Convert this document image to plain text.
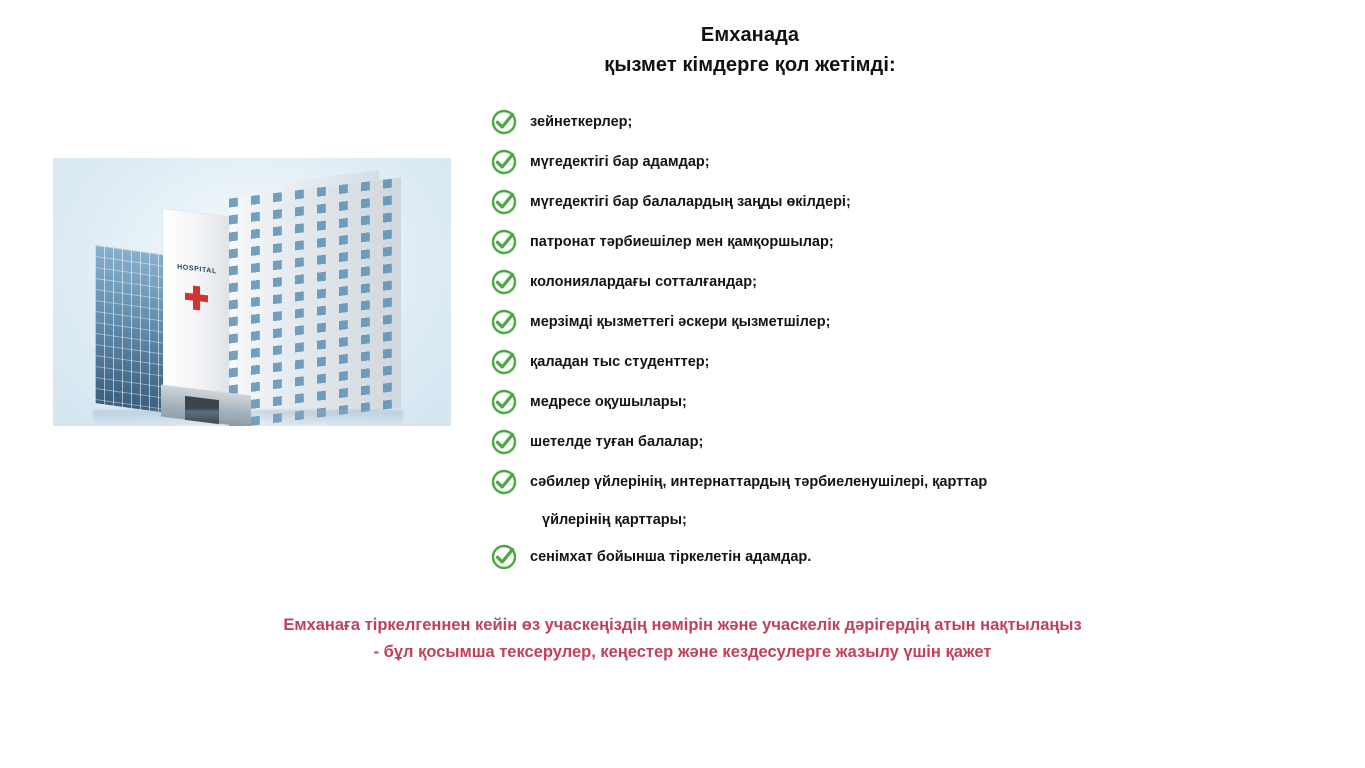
Емханада
қызмет кімдерге қол жетімді:
HOSPITAL
зейнеткерлер;
мүгедектігі бар адамдар;
мүгедектігі бар балалардың заңды өкілдері;
патронат тәрбиешілер мен қамқоршылар;
колониялардағы сотталғандар;
мерзімді қызметтегі әскери қызметшілер;
қаладан тыс студенттер;
медресе оқушылары;
шетелде туған балалар;
сәбилер үйлерінің, интернаттардың тәрбиеленушілері, қарттар
үйлерінің қарттары;
сенімхат бойынша тіркелетін адамдар.
Емханаға тіркелгеннен кейін өз учаскеңіздің нөмірін және учаскелік дәрігердің атын нақтылаңыз
- бұл қосымша тексерулер, кеңестер және кездесулерге жазылу үшін қажет
